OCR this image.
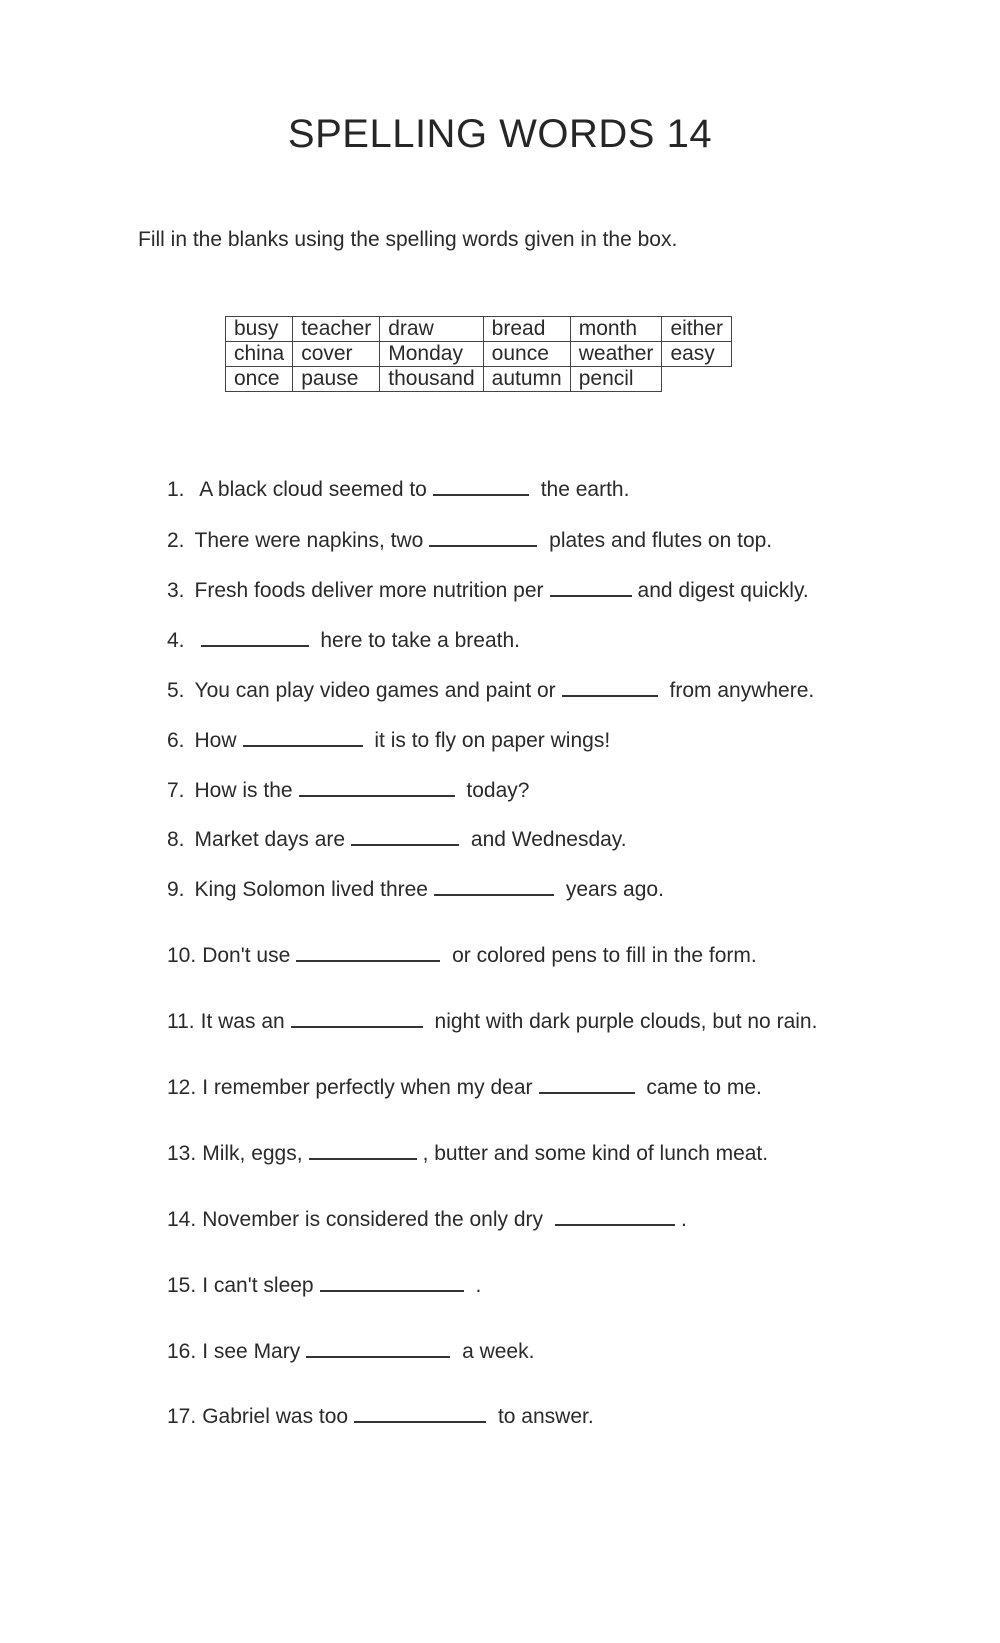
SPELLING WORDS 14
Fill in the blanks using the spelling words given in the box.
busy	teacher	draw	bread	month	either
china	cover	Monday	ounce	weather	easy
once	pause	thousand	autumn	pencil	
1. A black cloud seemed to	the earth.
2. There were napkins, two	plates and flutes on top.
3. Fresh foods deliver more nutrition per	and digest quickly.
4.	here to take a breath.
5. You can play video games and paint or	from anywhere.
6. How	it is to fly on paper wings!
7. How is the	today?
8. Market days are	and Wednesday.
9. King Solomon lived three	years ago.
10. Don't use	or colored pens to fill in the form.
11. It was an	night with dark purple clouds, but no rain.
12. I remember perfectly when my dear	came to me.
13. Milk, eggs,	, butter and some kind of lunch meat.
14. November is considered the only dry	.
15. I can't sleep	.
16. I see Mary	a week.
17. Gabriel was too	to answer.
